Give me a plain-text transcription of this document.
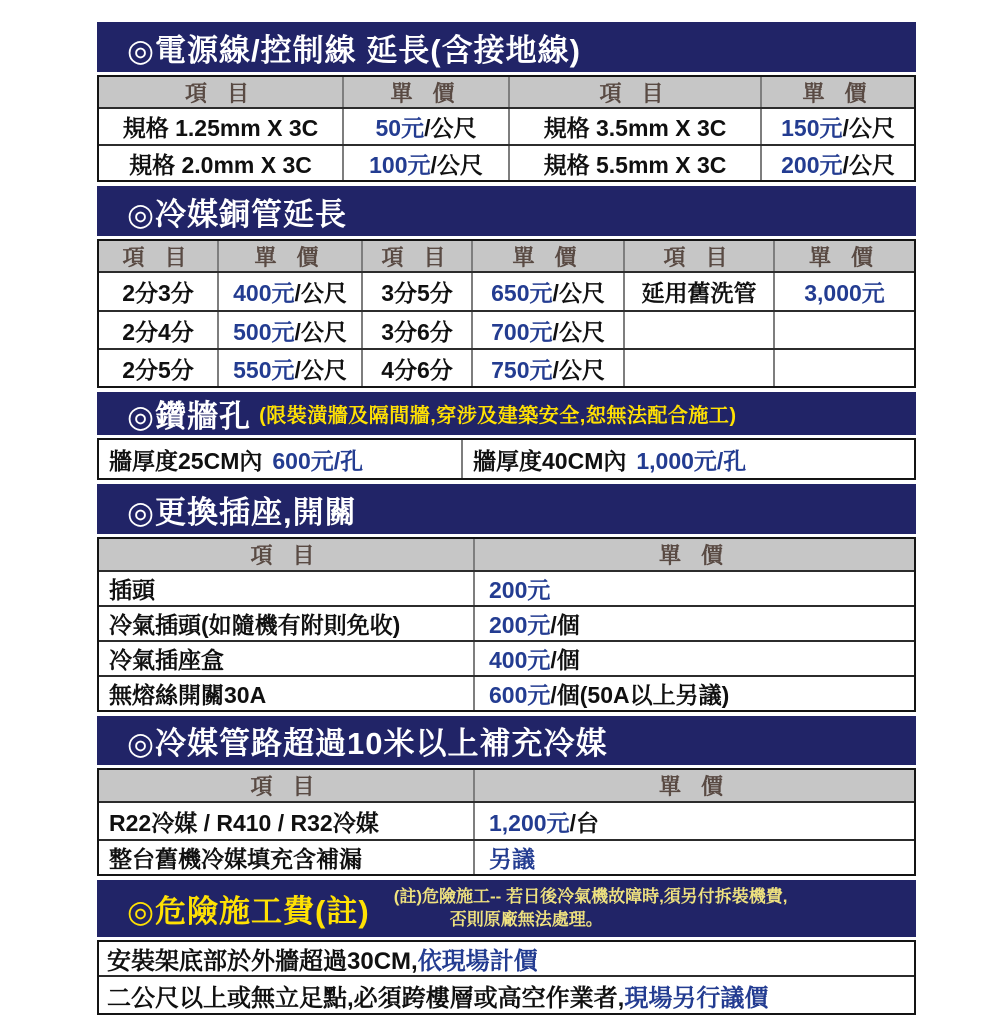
◎電源線/控制線 延長(含接地線)
項 目	單 價	項 目	單 價
規格 1.25mm X 3C	50元 /公尺	規格 3.5mm X 3C	150元 /公尺
規格 2.0mm X 3C	100元 /公尺	規格 5.5mm X 3C	200元 /公尺
◎冷媒銅管延長
項 目	單 價	項 目	單 價	項 目	單 價
2分3分	400元 /公尺	3分5分	650元 /公尺	延用舊洗管	3,000元
2分4分	500元 /公尺	3分6分	700元 /公尺
2分5分	550元 /公尺	4分6分	750元 /公尺
◎鑽牆孔 (限裝潢牆及隔間牆,穿涉及建築安全,恕無法配合施工)
牆厚度25CM內 600元/孔	牆厚度40CM內 1,000元/孔
◎更換插座,開關
項 目	單 價
插頭	200元
冷氣插頭(如隨機有附則免收)	200元 /個
冷氣插座盒	400元 /個
無熔絲開關30A	600元 /個(50A以上另議)
◎冷媒管路超過10米以上補充冷媒
項 目	單 價
R22冷媒 / R410 / R32冷媒	1,200元 /台
整台舊機冷媒填充含補漏	另議
◎危險施工費(註) (註)危險施工-- 若日後冷氣機故障時,須另付拆裝機費,
否則原廠無法處理。
安裝架底部於外牆超過30CM, 依現場計價
二公尺以上或無立足點,必須跨樓層或高空作業者, 現場另行議價
